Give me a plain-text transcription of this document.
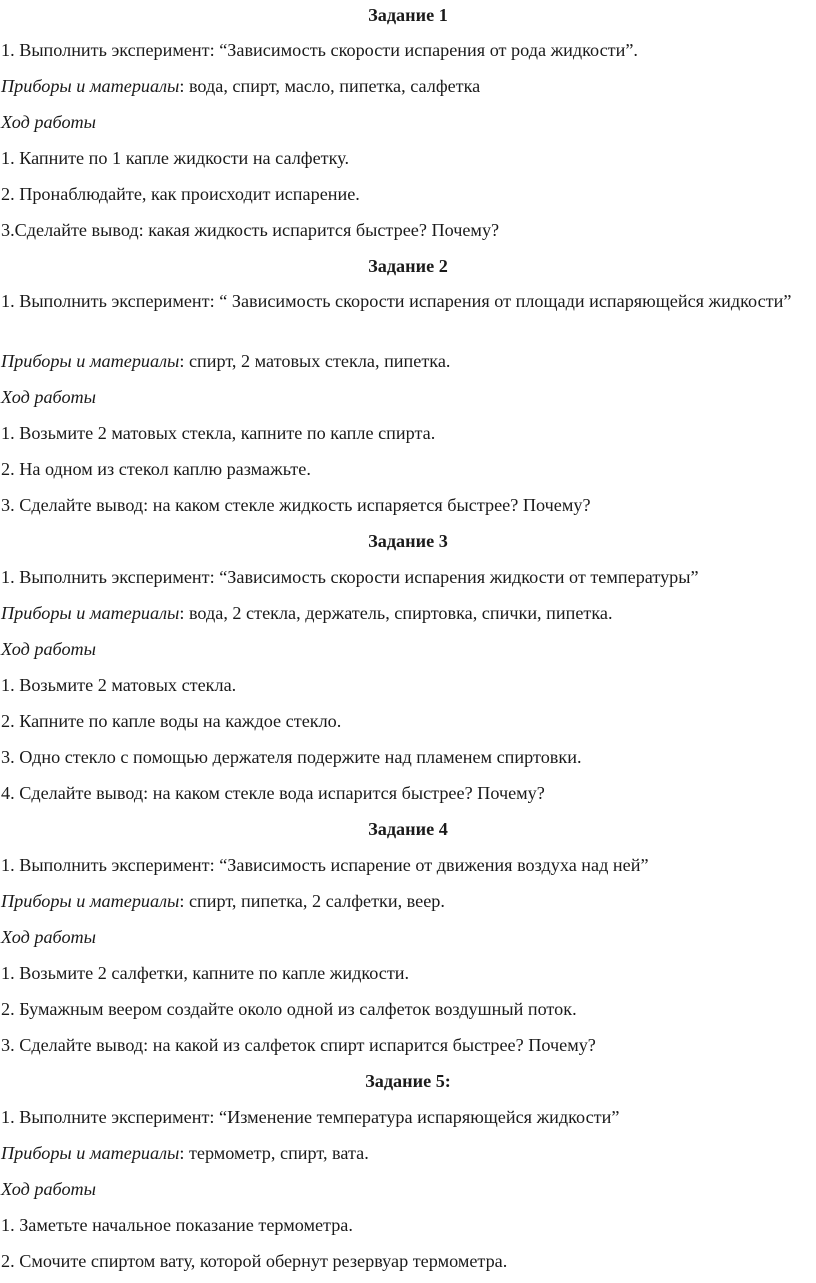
Задание 1
1. Выполнить эксперимент: “Зависимость скорости испарения от рода жидкости”.
Приборы и материалы: вода, спирт, масло, пипетка, салфетка
Ход работы
1. Капните по 1 капле жидкости на салфетку.
2. Пронаблюдайте, как происходит испарение.
3.Сделайте вывод: какая жидкость испарится быстрее? Почему?
Задание 2
1. Выполнить эксперимент: “ Зависимость скорости испарения от площади испаряющейся жидкости”
Приборы и материалы: спирт, 2 матовых стекла, пипетка.
Ход работы
1. Возьмите 2 матовых стекла, капните по капле спирта.
2. На одном из стекол каплю размажьте.
3. Сделайте вывод: на каком стекле жидкость испаряется быстрее? Почему?
Задание 3
1. Выполнить эксперимент: “Зависимость скорости испарения жидкости от температуры”
Приборы и материалы: вода, 2 стекла, держатель, спиртовка, спички, пипетка.
Ход работы
1. Возьмите 2 матовых стекла.
2. Капните по капле воды на каждое стекло.
3. Одно стекло с помощью держателя подержите над пламенем спиртовки.
4. Сделайте вывод: на каком стекле вода испарится быстрее? Почему?
Задание 4
1. Выполнить эксперимент: “Зависимость испарение от движения воздуха над ней”
Приборы и материалы: спирт, пипетка, 2 салфетки, веер.
Ход работы
1. Возьмите 2 салфетки, капните по капле жидкости.
2. Бумажным веером создайте около одной из салфеток воздушный поток.
3. Сделайте вывод: на какой из салфеток спирт испарится быстрее? Почему?
Задание 5:
1. Выполните эксперимент: “Изменение температура испаряющейся жидкости”
Приборы и материалы: термометр, спирт, вата.
Ход работы
1. Заметьте начальное показание термометра.
2. Смочите спиртом вату, которой обернут резервуар термометра.
